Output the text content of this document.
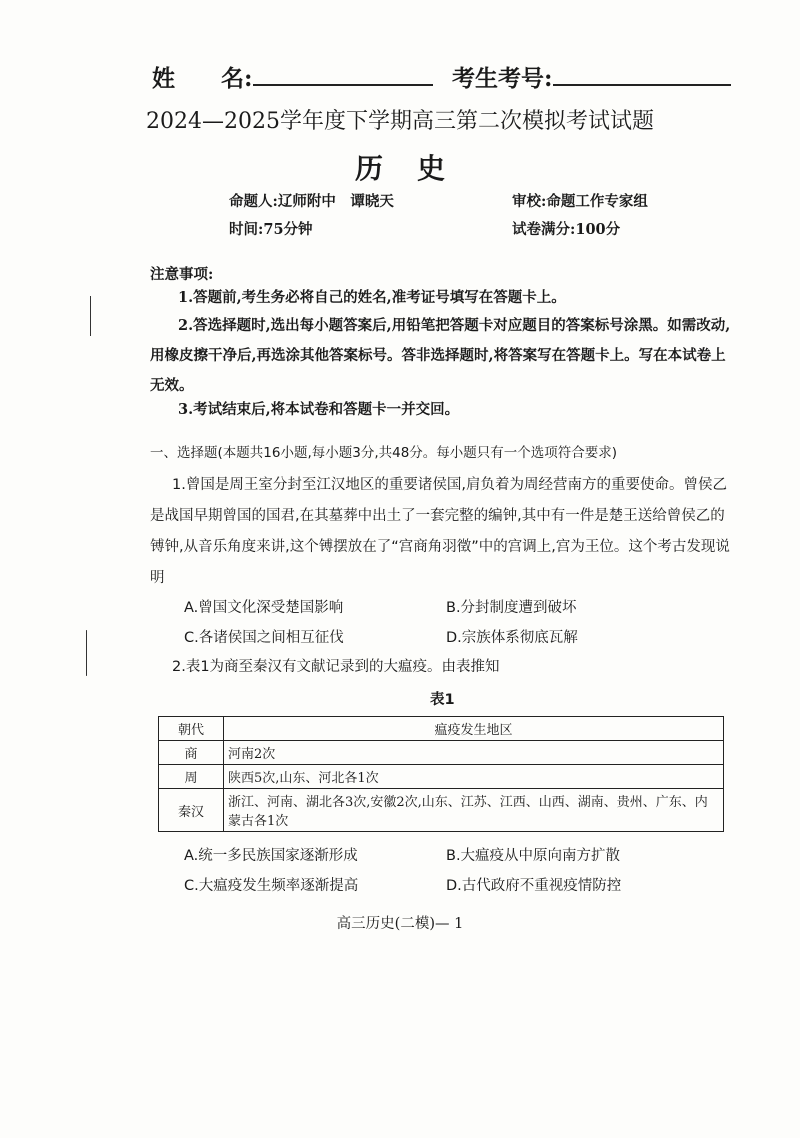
姓　　名:	考生考号:
2024—2025学年度下学期高三第二次模拟考试试题
历史
命题人:辽师附中　谭晓天	审校:命题工作专家组
时间:75分钟	试卷满分:100分
注意事项:
1.答题前,考生务必将自己的姓名,准考证号填写在答题卡上。
2.答选择题时,选出每小题答案后,用铅笔把答题卡对应题目的答案标号涂黑。如需改动,用橡皮擦干净后,再选涂其他答案标号。答非选择题时,将答案写在答题卡上。写在本试卷上无效。
3.考试结束后,将本试卷和答题卡一并交回。
一、选择题(本题共16小题,每小题3分,共48分。每小题只有一个选项符合要求)
1.曾国是周王室分封至江汉地区的重要诸侯国,肩负着为周经营南方的重要使命。曾侯乙是战国早期曾国的国君,在其墓葬中出土了一套完整的编钟,其中有一件是楚王送给曾侯乙的镈钟,从音乐角度来讲,这个镈摆放在了“宫商角羽徵”中的宫调上,宫为王位。这个考古发现说明
A.曾国文化深受楚国影响	B.分封制度遭到破坏
C.各诸侯国之间相互征伐	D.宗族体系彻底瓦解
2.表1为商至秦汉有文献记录到的大瘟疫。由表推知
表1
朝代	瘟疫发生地区
商	河南2次
周	陕西5次,山东、河北各1次
秦汉	浙江、河南、湖北各3次,安徽2次,山东、江苏、江西、山西、湖南、贵州、广东、内蒙古各1次
A.统一多民族国家逐渐形成	B.大瘟疫从中原向南方扩散
C.大瘟疫发生频率逐渐提高	D.古代政府不重视疫情防控
高三历史(二模)— 1
